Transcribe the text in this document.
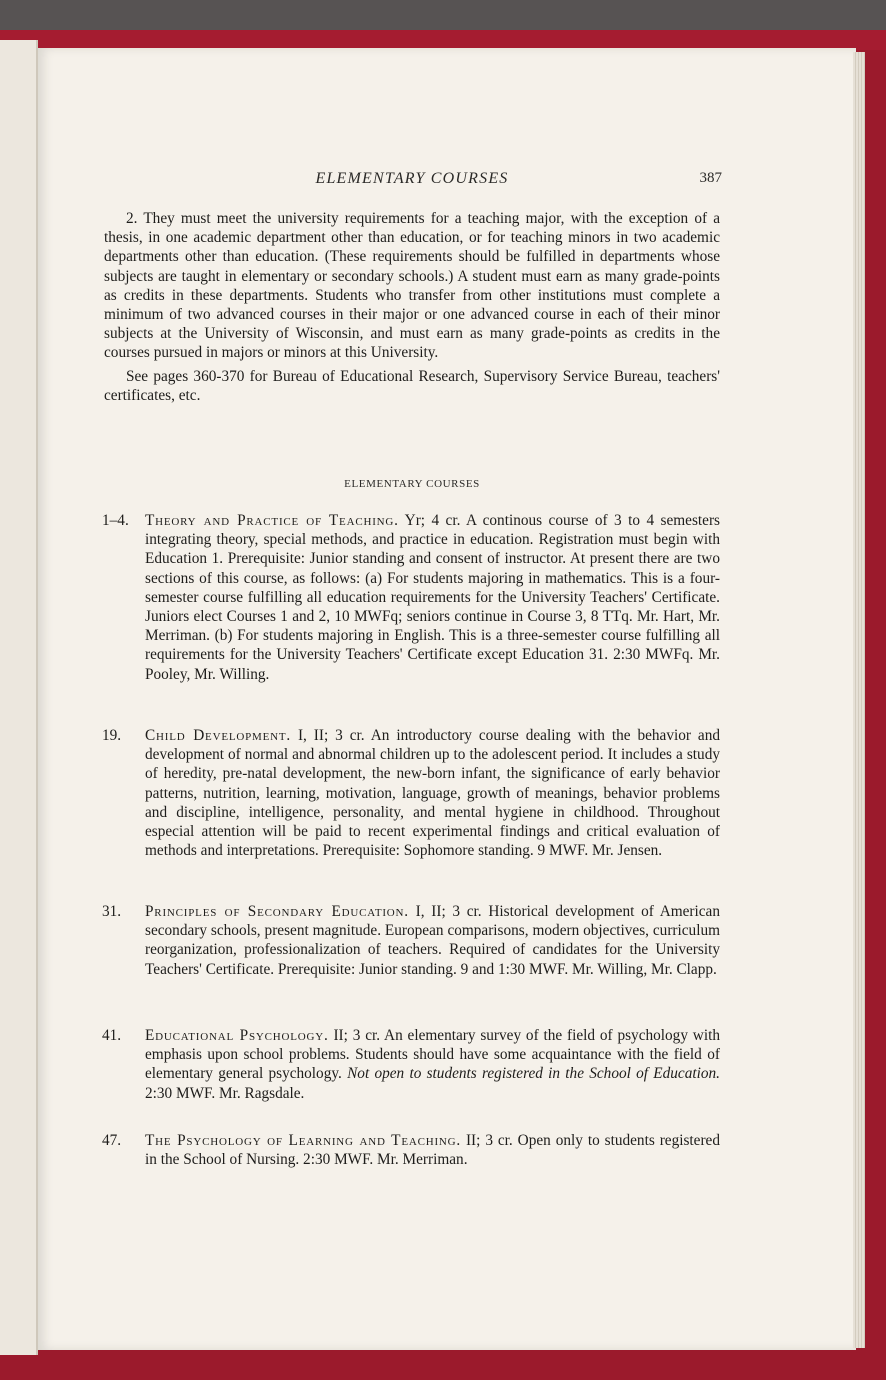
ELEMENTARY COURSES	387

2. They must meet the university requirements for a teaching major, with the exception of a thesis, in one academic department other than education, or for teaching minors in two academic departments other than education. (These requirements should be fulfilled in departments whose subjects are taught in elementary or secondary schools.) A student must earn as many grade-points as credits in these departments. Students who transfer from other institutions must complete a minimum of two advanced courses in their major or one advanced course in each of their minor subjects at the University of Wisconsin, and must earn as many grade-points as credits in the courses pursued in majors or minors at this University.

See pages 360-370 for Bureau of Educational Research, Supervisory Service Bureau, teachers' certificates, etc.

ELEMENTARY COURSES
1–4. Theory and Practice of Teaching. Yr; 4 cr. A continous course of 3 to 4 semesters integrating theory, special methods, and practice in education. Registration must begin with Education 1. Prerequisite: Junior standing and consent of instructor. At present there are two sections of this course, as follows: (a) For students majoring in mathematics. This is a four-semester course fulfilling all education requirements for the University Teachers' Certificate. Juniors elect Courses 1 and 2, 10 MWFq; seniors continue in Course 3, 8 TTq. Mr. Hart, Mr. Merriman. (b) For students majoring in English. This is a three-semester course fulfilling all requirements for the University Teachers' Certificate except Education 31. 2:30 MWFq. Mr. Pooley, Mr. Willing.
19. Child Development. I, II; 3 cr. An introductory course dealing with the behavior and development of normal and abnormal children up to the adolescent period. It includes a study of heredity, pre-natal development, the new-born infant, the significance of early behavior patterns, nutrition, learning, motivation, language, growth of meanings, behavior problems and discipline, intelligence, personality, and mental hygiene in childhood. Throughout especial attention will be paid to recent experimental findings and critical evaluation of methods and interpretations. Prerequisite: Sophomore standing. 9 MWF. Mr. Jensen.
31. Principles of Secondary Education. I, II; 3 cr. Historical development of American secondary schools, present magnitude. European comparisons, modern objectives, curriculum reorganization, professionalization of teachers. Required of candidates for the University Teachers' Certificate. Prerequisite: Junior standing. 9 and 1:30 MWF. Mr. Willing, Mr. Clapp.
41. Educational Psychology. II; 3 cr. An elementary survey of the field of psychology with emphasis upon school problems. Students should have some acquaintance with the field of elementary general psychology. Not open to students registered in the School of Education. 2:30 MWF. Mr. Ragsdale.
47. The Psychology of Learning and Teaching. II; 3 cr. Open only to students registered in the School of Nursing. 2:30 MWF. Mr. Merriman.
